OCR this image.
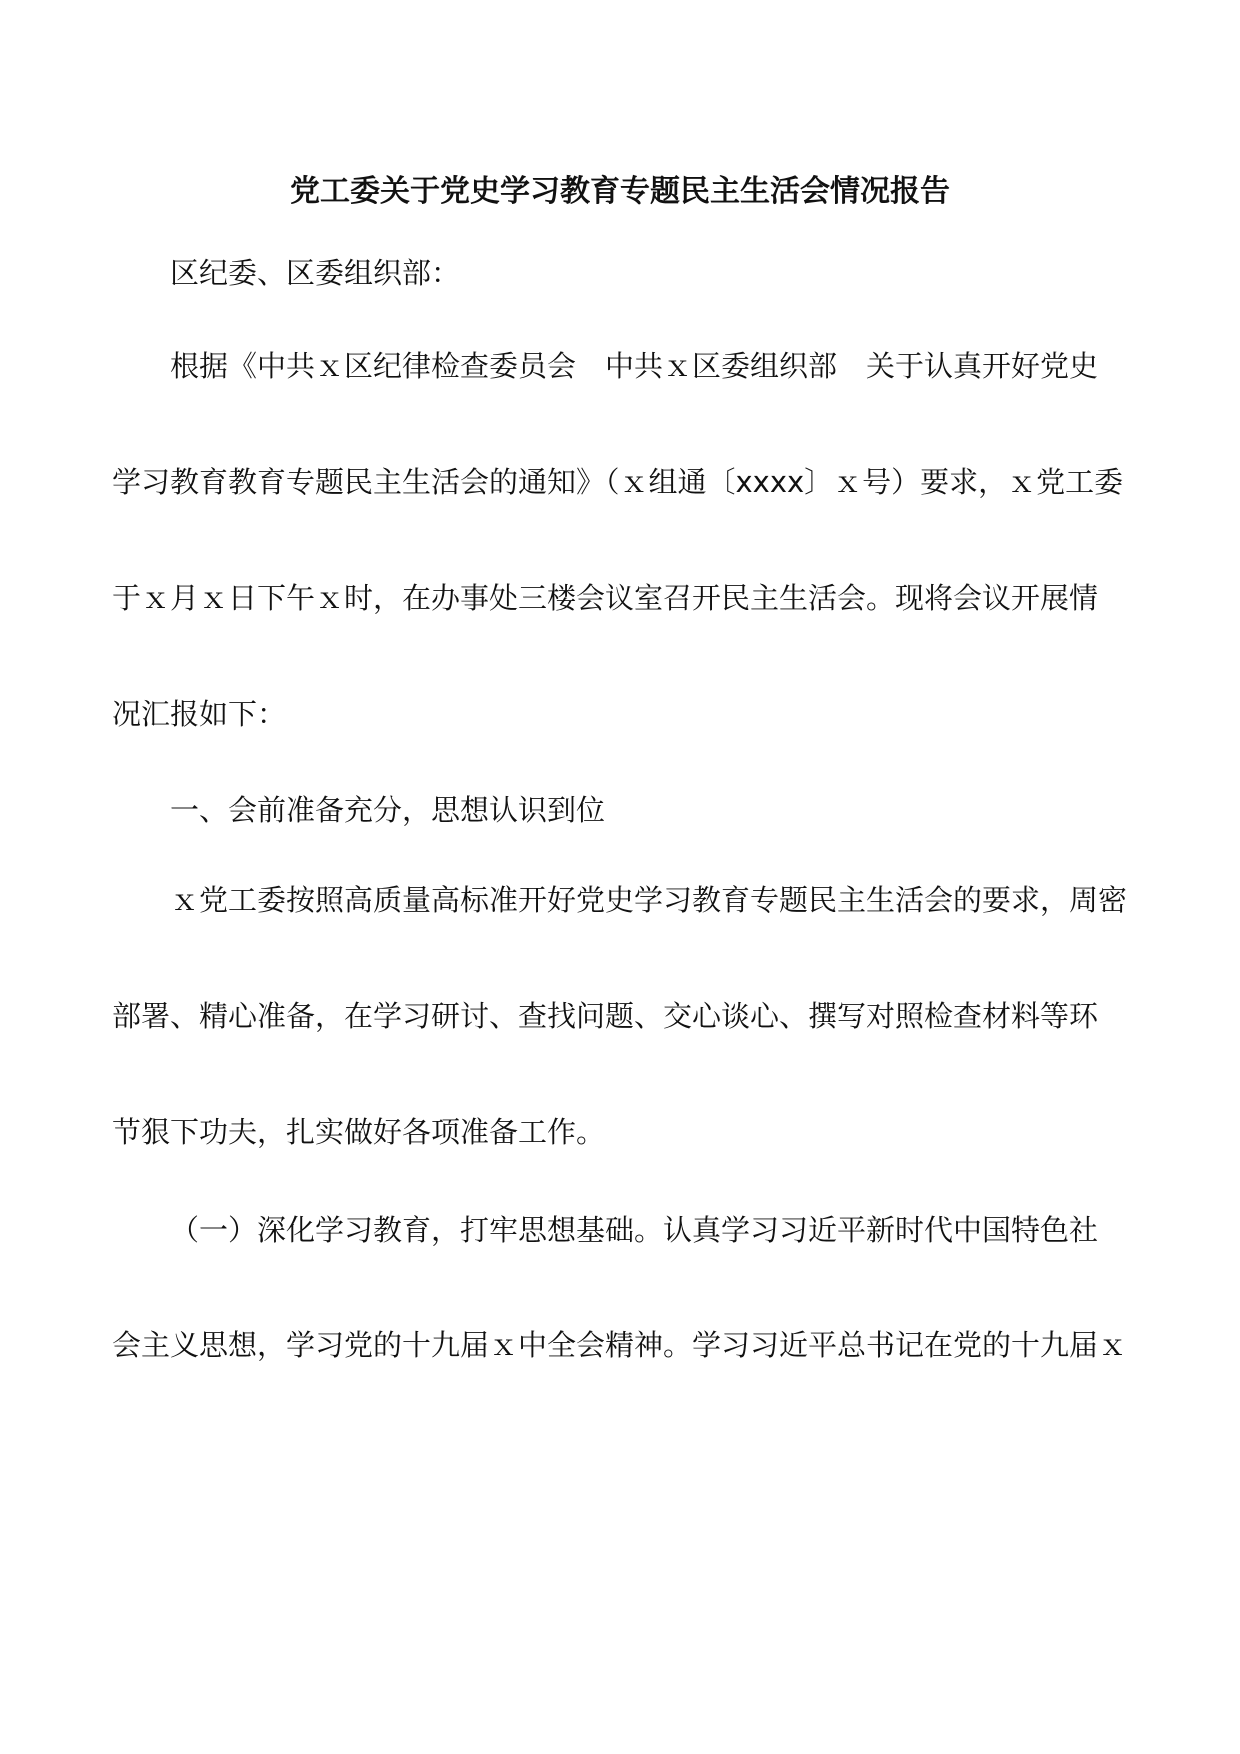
党工委关于党史学习教育专题民主生活会情况报告
区纪委、区委组织部：
根据《中共ｘ区纪律检查委员会　中共ｘ区委组织部　关于认真开好党史
学习教育教育专题民主生活会的通知》（ｘ组通〔xxxx〕ｘ号）要求，ｘ党工委
于ｘ月ｘ日下午ｘ时，在办事处三楼会议室召开民主生活会。现将会议开展情
况汇报如下：
一、会前准备充分，思想认识到位
ｘ党工委按照高质量高标准开好党史学习教育专题民主生活会的要求，周密
部署、精心准备，在学习研讨、查找问题、交心谈心、撰写对照检查材料等环
节狠下功夫，扎实做好各项准备工作。
（一）深化学习教育，打牢思想基础。认真学习习近平新时代中国特色社
会主义思想，学习党的十九届ｘ中全会精神。学习习近平总书记在党的十九届ｘ
